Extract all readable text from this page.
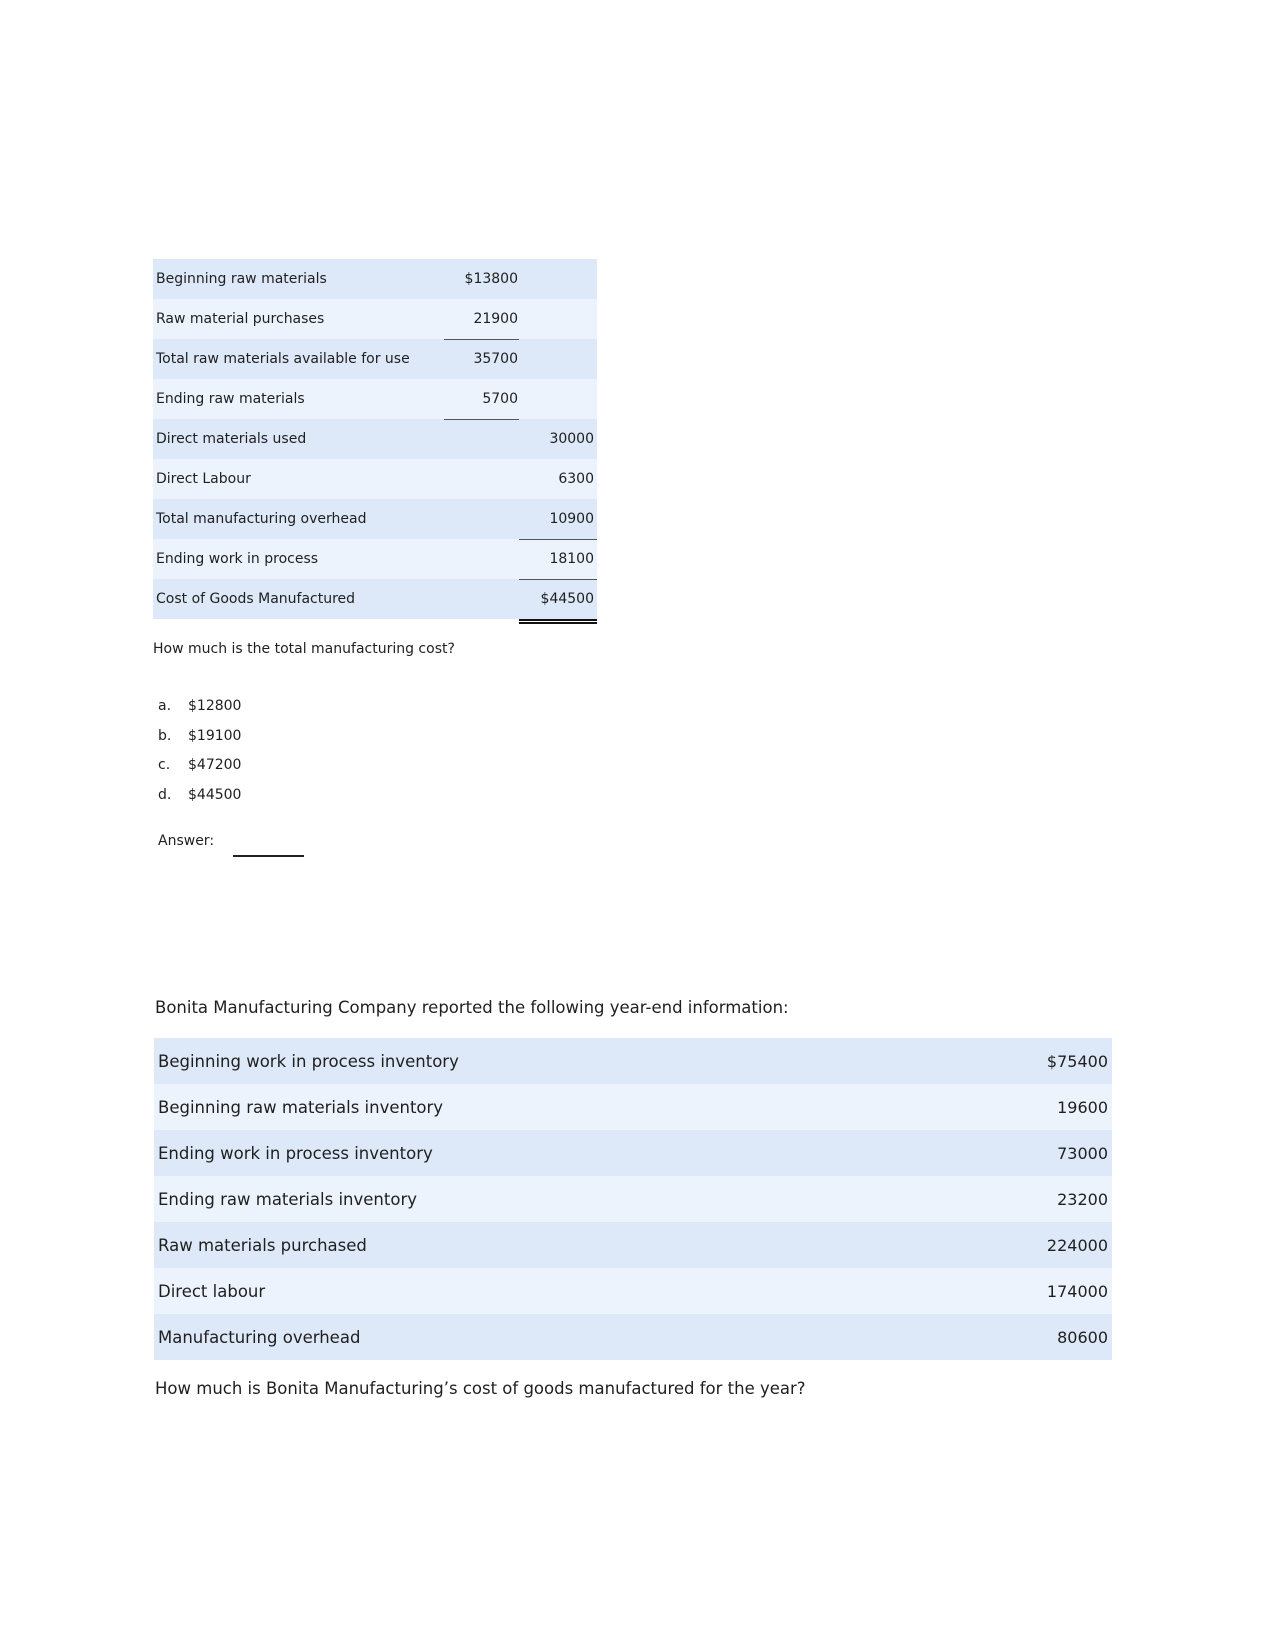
Beginning raw materials	$13800
Raw material purchases	21900
Total raw materials available for use	35700
Ending raw materials	5700
Direct materials used	30000
Direct Labour	6300
Total manufacturing overhead	10900
Ending work in process	18100
Cost of Goods Manufactured	$44500
How much is the total manufacturing cost?
a.	$12800
b.	$19100
c.	$47200
d.	$44500
Answer:
Bonita Manufacturing Company reported the following year-end information:
Beginning work in process inventory	$75400
Beginning raw materials inventory	19600
Ending work in process inventory	73000
Ending raw materials inventory	23200
Raw materials purchased	224000
Direct labour	174000
Manufacturing overhead	80600
How much is Bonita Manufacturing’s cost of goods manufactured for the year?
